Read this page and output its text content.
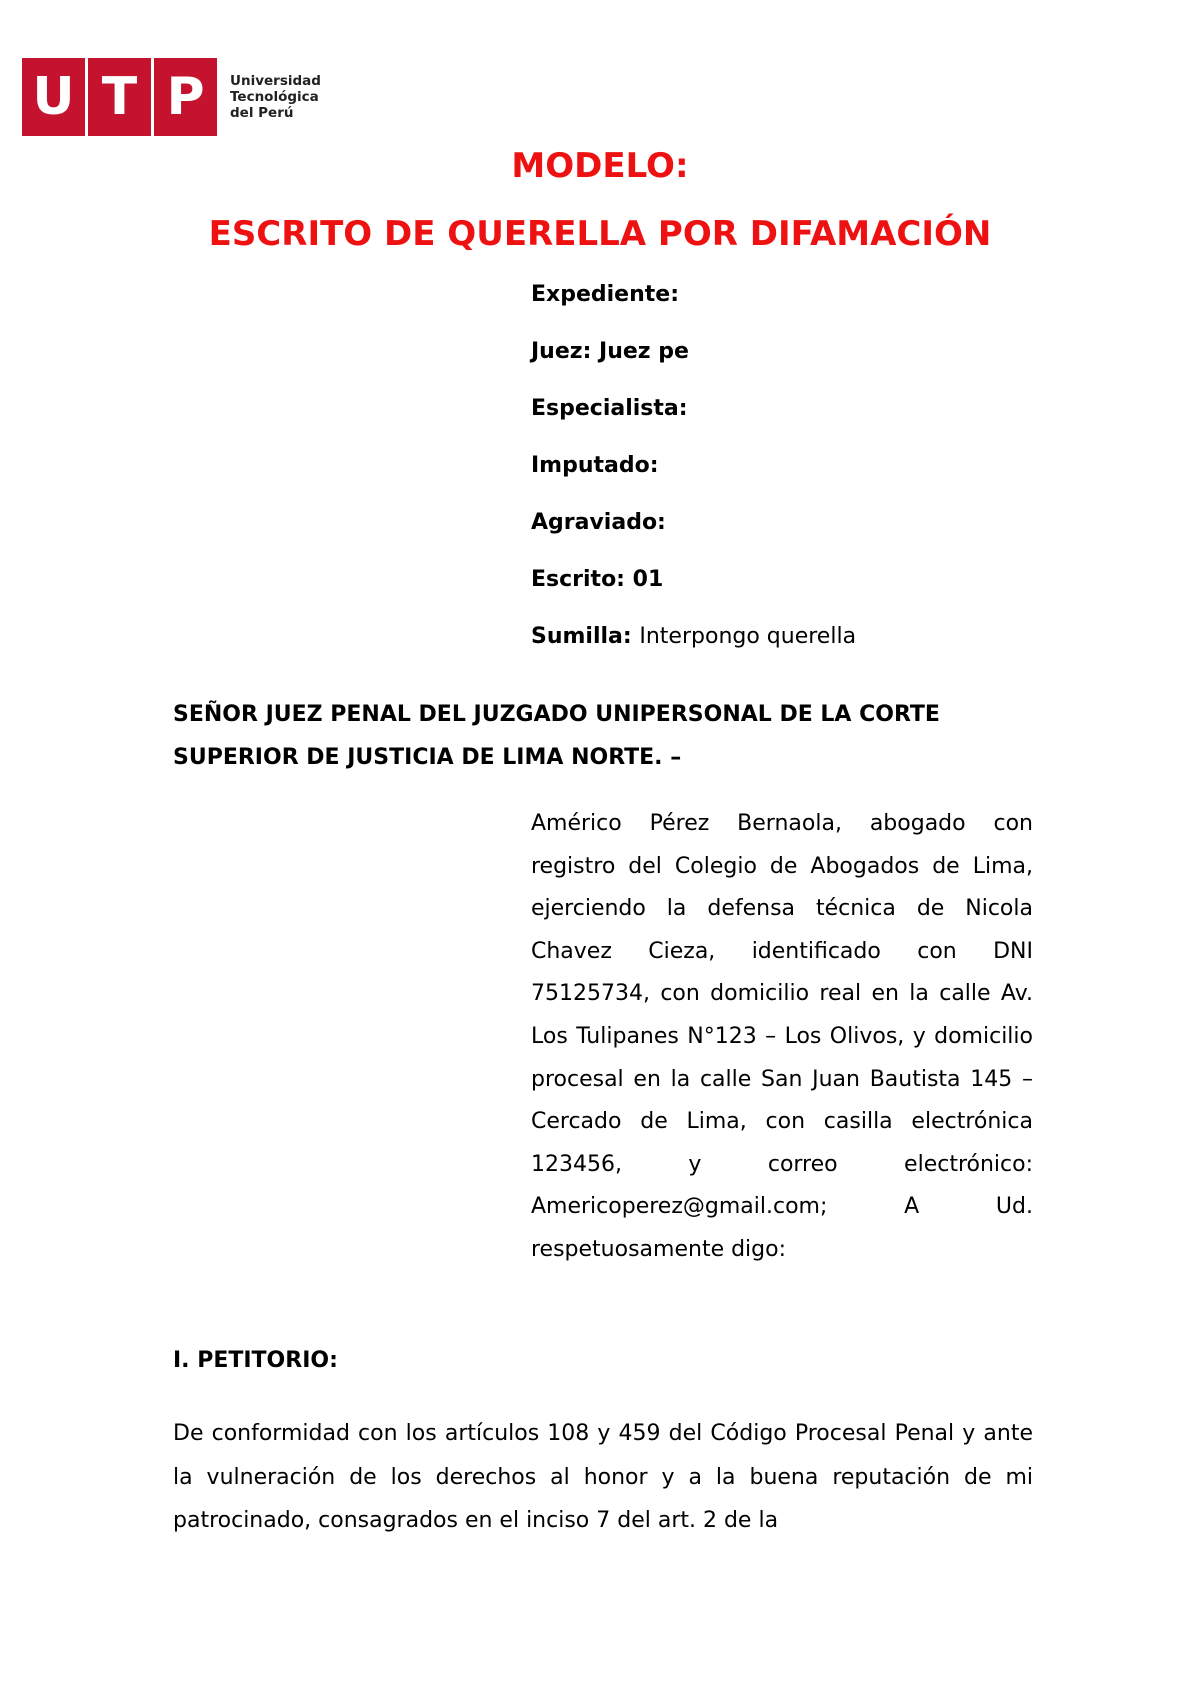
U T P	Universidad
Tecnológica
del Perú
MODELO:
ESCRITO DE QUERELLA POR DIFAMACIÓN
Expediente:
Juez: Juez pe
Especialista:
Imputado:
Agraviado:
Escrito: 01
Sumilla: Interpongo querella

SEÑOR JUEZ PENAL DEL JUZGADO UNIPERSONAL DE LA CORTE SUPERIOR DE JUSTICIA DE LIMA NORTE. –

Américo Pérez Bernaola, abogado con registro del Colegio de Abogados de Lima, ejerciendo la defensa técnica de Nicola Chavez Cieza, identificado con DNI 75125734, con domicilio real en la calle Av. Los Tulipanes N°123 – Los Olivos, y domicilio procesal en la calle San Juan Bautista 145 – Cercado de Lima, con casilla electrónica 123456, y correo electrónico: Americoperez@gmail.com; A Ud. respetuosamente digo:

I. PETITORIO:

De conformidad con los artículos 108 y 459 del Código Procesal Penal y ante la vulneración de los derechos al honor y a la buena reputación de mi patrocinado, consagrados en el inciso 7 del art. 2 de la
